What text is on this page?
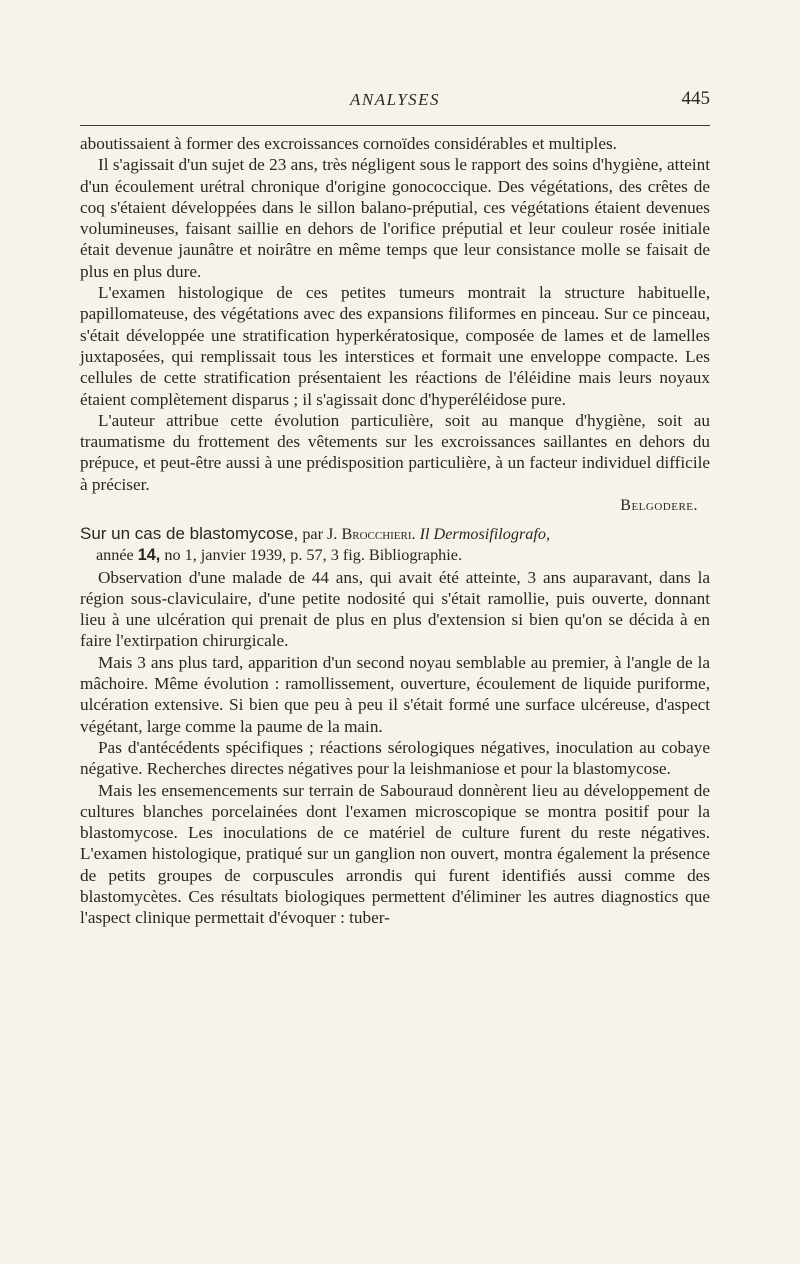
ANALYSES	445

aboutissaient à former des excroissances cornoïdes considérables et multiples.

Il s'agissait d'un sujet de 23 ans, très négligent sous le rapport des soins d'hygiène, atteint d'un écoulement urétral chronique d'origine gonococcique. Des végétations, des crêtes de coq s'étaient développées dans le sillon balano-préputial, ces végétations étaient devenues volumineuses, faisant saillie en dehors de l'orifice préputial et leur couleur rosée initiale était devenue jaunâtre et noirâtre en même temps que leur consistance molle se faisait de plus en plus dure.

L'examen histologique de ces petites tumeurs montrait la structure habituelle, papillomateuse, des végétations avec des expansions filiformes en pinceau. Sur ce pinceau, s'était développée une stratification hyperkératosique, composée de lames et de lamelles juxtaposées, qui remplissait tous les interstices et formait une enveloppe compacte. Les cellules de cette stratification présentaient les réactions de l'éléidine mais leurs noyaux étaient complètement disparus ; il s'agissait donc d'hyperéléidose pure.

L'auteur attribue cette évolution particulière, soit au manque d'hygiène, soit au traumatisme du frottement des vêtements sur les excroissances saillantes en dehors du prépuce, et peut-être aussi à une prédisposition particulière, à un facteur individuel difficile à préciser.

Belgodere.
Sur un cas de blastomycose, par J. Brocchieri. Il Dermosifilografo,
année 14, no 1, janvier 1939, p. 57, 3 fig. Bibliographie.

Observation d'une malade de 44 ans, qui avait été atteinte, 3 ans auparavant, dans la région sous-claviculaire, d'une petite nodosité qui s'était ramollie, puis ouverte, donnant lieu à une ulcération qui prenait de plus en plus d'extension si bien qu'on se décida à en faire l'extirpation chirurgicale.

Mais 3 ans plus tard, apparition d'un second noyau semblable au premier, à l'angle de la mâchoire. Même évolution : ramollissement, ouverture, écoulement de liquide puriforme, ulcération extensive. Si bien que peu à peu il s'était formé une surface ulcéreuse, d'aspect végétant, large comme la paume de la main.

Pas d'antécédents spécifiques ; réactions sérologiques négatives, inoculation au cobaye négative. Recherches directes négatives pour la leishmaniose et pour la blastomycose.

Mais les ensemencements sur terrain de Sabouraud donnèrent lieu au développement de cultures blanches porcelainées dont l'examen microscopique se montra positif pour la blastomycose. Les inoculations de ce matériel de culture furent du reste négatives. L'examen histologique, pratiqué sur un ganglion non ouvert, montra également la présence de petits groupes de corpuscules arrondis qui furent identifiés aussi comme des blastomycètes. Ces résultats biologiques permettent d'éliminer les autres diagnostics que l'aspect clinique permettait d'évoquer : tuber-
